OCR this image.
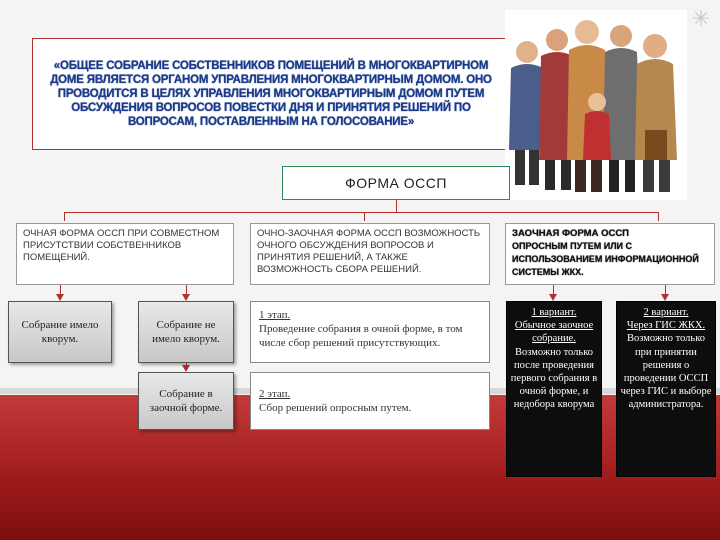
✳
«ОБЩЕЕ СОБРАНИЕ СОБСТВЕННИКОВ ПОМЕЩЕНИЙ В МНОГОКВАРТИРНОМ ДОМЕ ЯВЛЯЕТСЯ ОРГАНОМ УПРАВЛЕНИЯ МНОГОКВАРТИРНЫМ ДОМОМ. ОНО ПРОВОДИТСЯ В ЦЕЛЯХ УПРАВЛЕНИЯ МНОГОКВАРТИРНЫМ ДОМОМ ПУТЕМ ОБСУЖДЕНИЯ ВОПРОСОВ ПОВЕСТКИ ДНЯ И ПРИНЯТИЯ РЕШЕНИЙ ПО ВОПРОСАМ, ПОСТАВЛЕННЫМ НА ГОЛОСОВАНИЕ»
ФОРМА ОССП
ОЧНАЯ ФОРМА ОССП ПРИ СОВМЕСТНОМ ПРИСУТСТВИИ СОБСТВЕННИКОВ ПОМЕЩЕНИЙ.
ОЧНО-ЗАОЧНАЯ ФОРМА ОССП ВОЗМОЖНОСТЬ ОЧНОГО ОБСУЖДЕНИЯ ВОПРОСОВ И ПРИНЯТИЯ РЕШЕНИЙ, А ТАКЖЕ ВОЗМОЖНОСТЬ СБОРА РЕШЕНИЙ.
ЗАОЧНАЯ ФОРМА ОССП
ОПРОСНЫМ ПУТЕМ ИЛИ С ИСПОЛЬЗОВАНИЕМ ИНФОРМАЦИОННОЙ СИСТЕМЫ ЖКХ.
Собрание имело кворум.
Собрание не имело кворум.
Собрание в заочной форме.
1 этап.
Проведение собрания в очной форме, в том числе сбор решений присутствующих.
2 этап.
Сбор решений опросным путем.
1 вариант.
Обычное заочное собрание.
Возможно только после проведения первого собрания в очной форме, и недобора кворума
2 вариант.
Через ГИС ЖКХ.
Возможно только при принятии решения о проведении ОССП через ГИС и выборе администратора.
